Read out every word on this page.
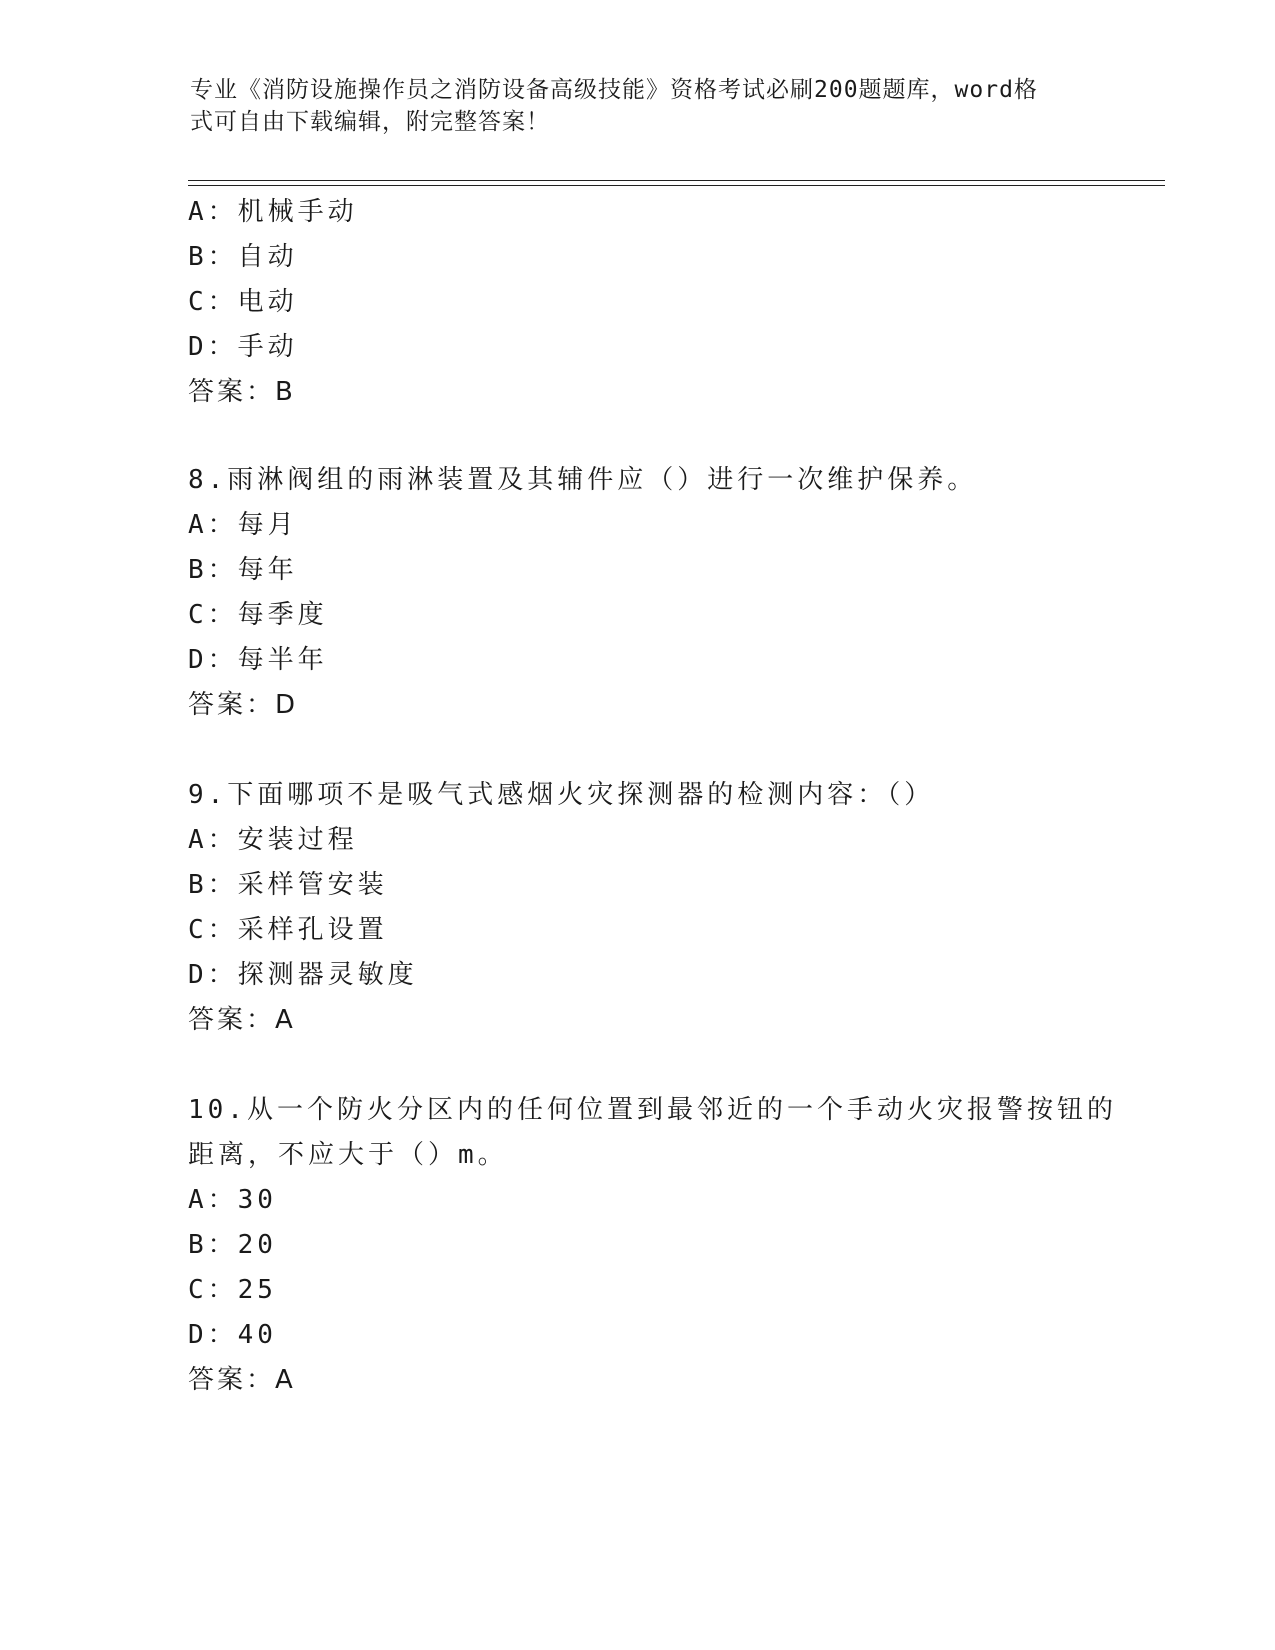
专业《消防设施操作员之消防设备高级技能》资格考试必刷200题题库，word格
式可自由下载编辑，附完整答案！
A：机械手动
B：自动
C：电动
D：手动
答案：B
8.雨淋阀组的雨淋装置及其辅件应（）进行一次维护保养。
A：每月
B：每年
C：每季度
D：每半年
答案：D
9.下面哪项不是吸气式感烟火灾探测器的检测内容：（）
A：安装过程
B：采样管安装
C：采样孔设置
D：探测器灵敏度
答案：A
10.从一个防火分区内的任何位置到最邻近的一个手动火灾报警按钮的
距离，不应大于（）m。
A：30
B：20
C：25
D：40
答案：A
